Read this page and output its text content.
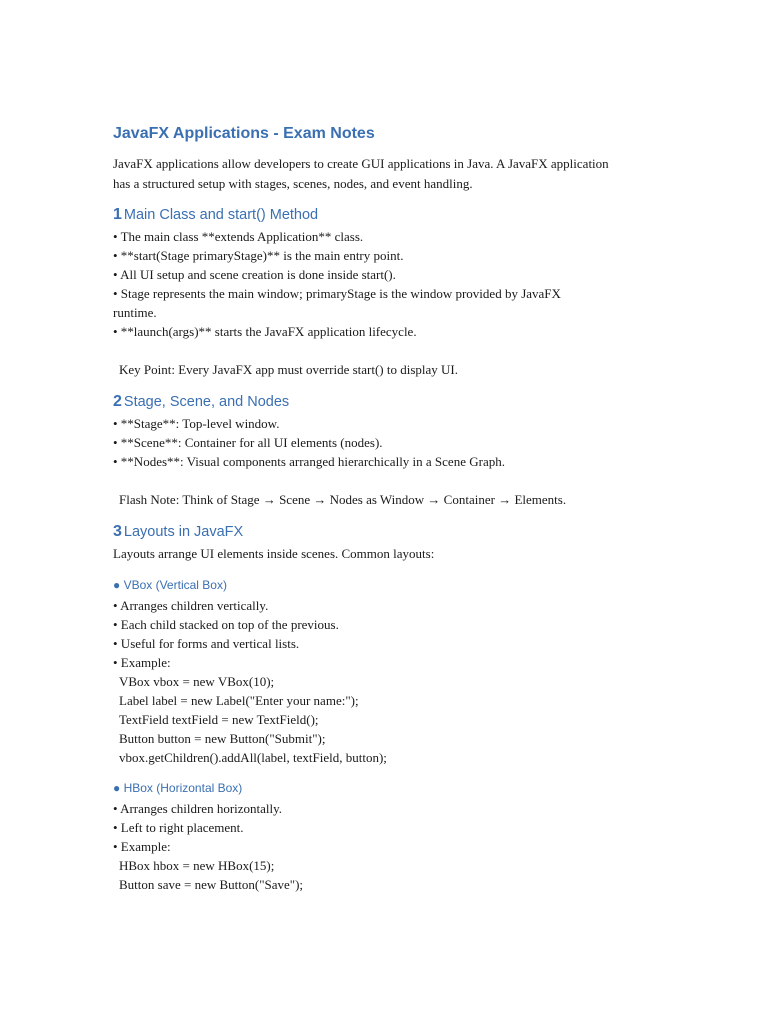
JavaFX Applications - Exam Notes

JavaFX applications allow developers to create GUI applications in Java. A JavaFX application

has a structured setup with stages, scenes, nodes, and event handling.

1 Main Class and start() Method
• The main class **extends Application** class.
• **start(Stage primaryStage)** is the main entry point.
• All UI setup and scene creation is done inside start().
• Stage represents the main window; primaryStage is the window provided by JavaFX
runtime.
• **launch(args)** starts the JavaFX application lifecycle.
Key Point: Every JavaFX app must override start() to display UI.
2 Stage, Scene, and Nodes
• **Stage**: Top-level window.
• **Scene**: Container for all UI elements (nodes).
• **Nodes**: Visual components arranged hierarchically in a Scene Graph.
Flash Note: Think of Stage → Scene → Nodes as Window → Container → Elements.
3 Layouts in JavaFX

Layouts arrange UI elements inside scenes. Common layouts:

● VBox (Vertical Box)
• Arranges children vertically.
• Each child stacked on top of the previous.
• Useful for forms and vertical lists.
• Example:
VBox vbox = new VBox(10);
Label label = new Label("Enter your name:");
TextField textField = new TextField();
Button button = new Button("Submit");
vbox.getChildren().addAll(label, textField, button);
● HBox (Horizontal Box)
• Arranges children horizontally.
• Left to right placement.
• Example:
HBox hbox = new HBox(15);
Button save = new Button("Save");
